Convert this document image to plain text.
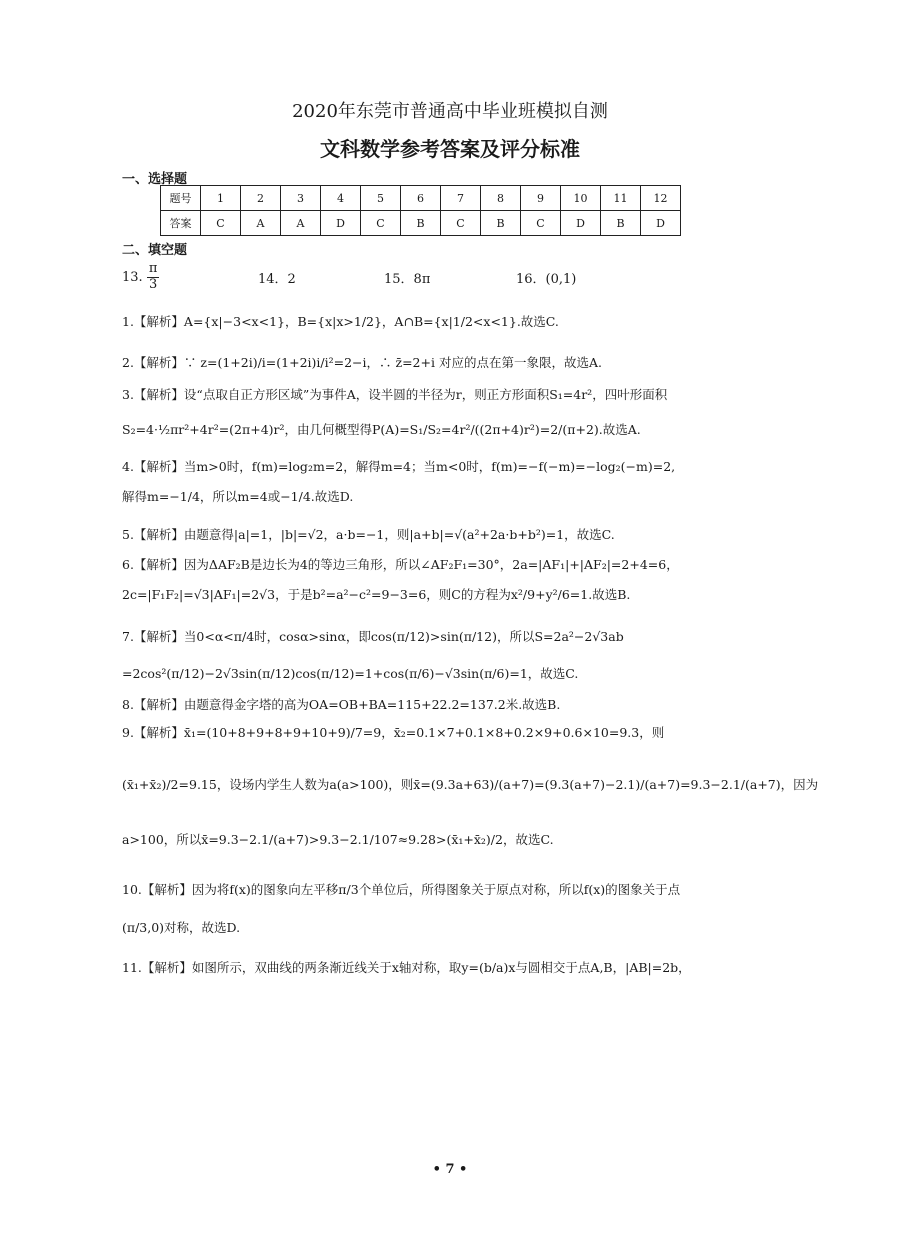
2020年东莞市普通高中毕业班模拟自测
文科数学参考答案及评分标准
一、选择题
题号	1	2	3	4	5	6	7	8	9	10	11	12
答案	C	A	A	D	C	B	C	B	C	D	B	D
二、填空题
13. $\frac{\pi}{3}$	14．2	15．8π	16．(0,1)
1.【解析】A={x|−3<x<1}，B={x|x>1/2}，A∩B={x|1/2<x<1}.故选C.
2.【解析】∵ z=(1+2i)/i=(1+2i)i/i²=2−i，∴ z̄=2+i 对应的点在第一象限，故选A.
3.【解析】设“点取自正方形区域”为事件A，设半圆的半径为r，则正方形面积S₁=4r²，四叶形面积
S₂=4·½πr²+4r²=(2π+4)r²，由几何概型得P(A)=S₁/S₂=4r²/((2π+4)r²)=2/(π+2).故选A.
4.【解析】当m>0时，f(m)=log₂m=2，解得m=4；当m<0时，f(m)=−f(−m)=−log₂(−m)=2,
解得m=−1/4，所以m=4或−1/4.故选D.
5.【解析】由题意得|a|=1，|b|=√2，a·b=−1，则|a+b|=√(a²+2a·b+b²)=1，故选C.
6.【解析】因为ΔAF₂B是边长为4的等边三角形，所以∠AF₂F₁=30°，2a=|AF₁|+|AF₂|=2+4=6，
2c=|F₁F₂|=√3|AF₁|=2√3，于是b²=a²−c²=9−3=6，则C的方程为x²/9+y²/6=1.故选B.
7.【解析】当0<α<π/4时，cosα>sinα，即cos(π/12)>sin(π/12)，所以S=2a²−2√3ab
=2cos²(π/12)−2√3sin(π/12)cos(π/12)=1+cos(π/6)−√3sin(π/6)=1，故选C.
8.【解析】由题意得金字塔的高为OA=OB+BA=115+22.2=137.2米.故选B.
9.【解析】x̄₁=(10+8+9+8+9+10+9)/7=9，x̄₂=0.1×7+0.1×8+0.2×9+0.6×10=9.3，则
(x̄₁+x̄₂)/2=9.15，设场内学生人数为a(a>100)，则x̄=(9.3a+63)/(a+7)=(9.3(a+7)−2.1)/(a+7)=9.3−2.1/(a+7)，因为
a>100，所以x̄=9.3−2.1/(a+7)>9.3−2.1/107≈9.28>(x̄₁+x̄₂)/2，故选C.
10.【解析】因为将f(x)的图象向左平移π/3个单位后，所得图象关于原点对称，所以f(x)的图象关于点
(π/3,0)对称，故选D.
11.【解析】如图所示，双曲线的两条渐近线关于x轴对称，取y=(b/a)x与圆相交于点A,B，|AB|=2b，
• 7 •
